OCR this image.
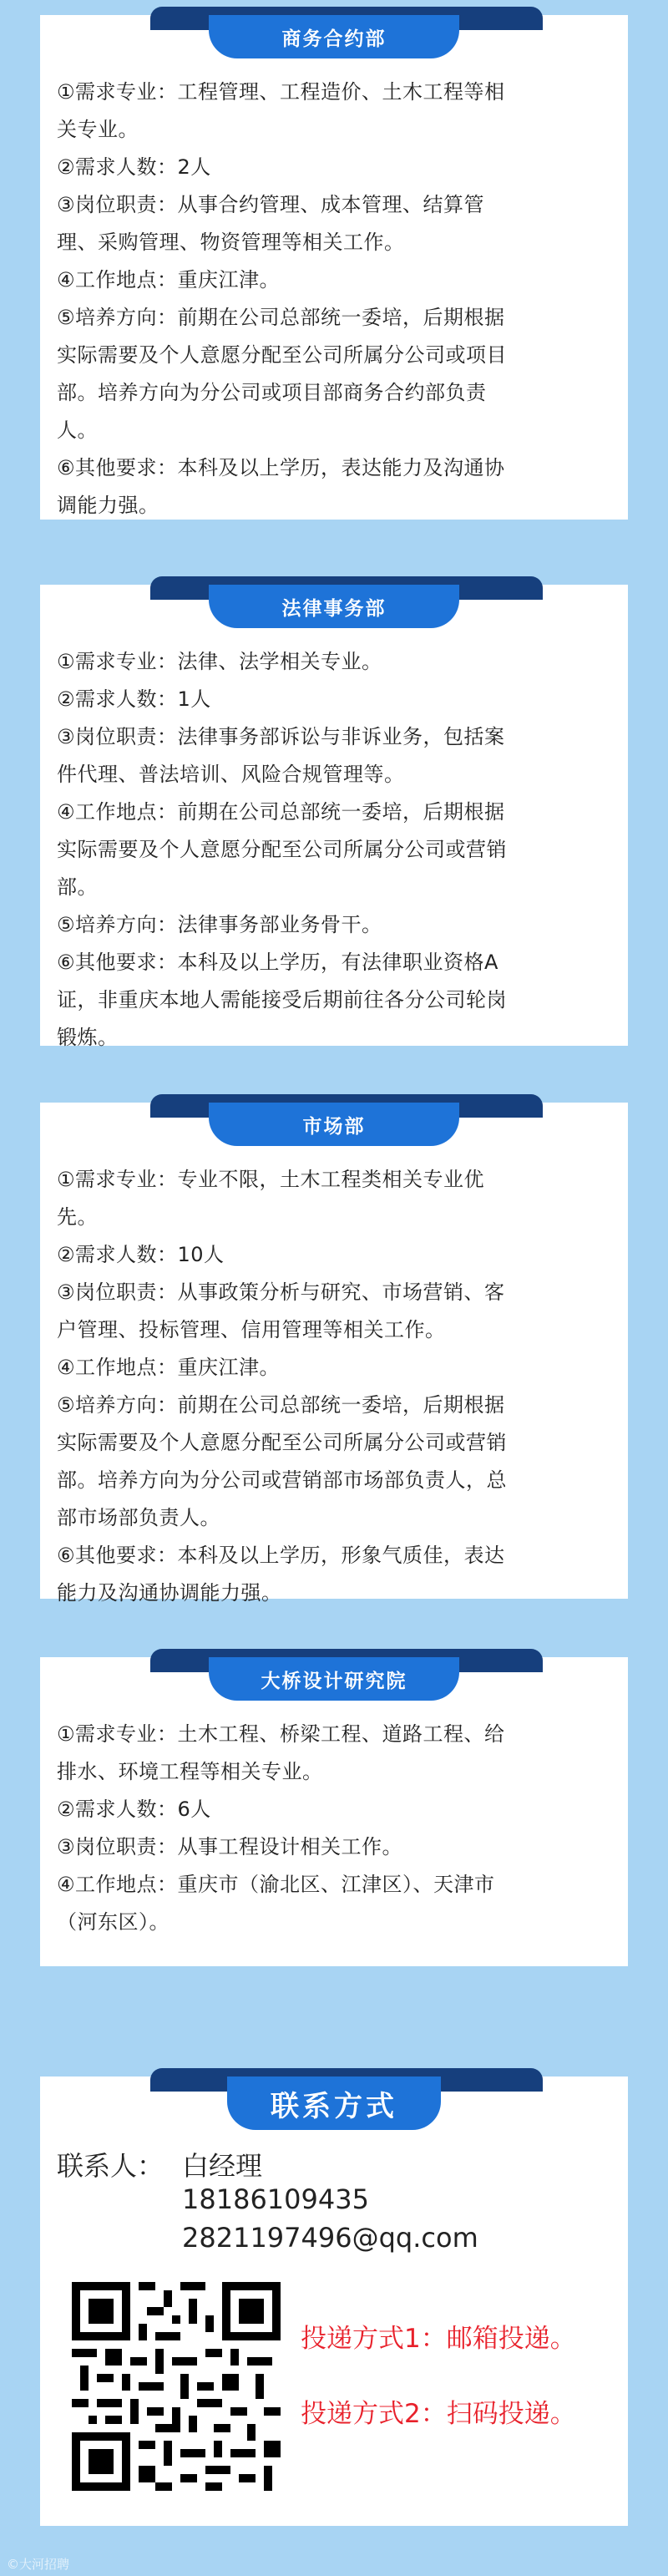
商务合约部

①需求专业：工程管理、工程造价、土木工程等相

关专业。

②需求人数：2人

③岗位职责：从事合约管理、成本管理、结算管

理、采购管理、物资管理等相关工作。

④工作地点：重庆江津。

⑤培养方向：前期在公司总部统一委培，后期根据

实际需要及个人意愿分配至公司所属分公司或项目

部。培养方向为分公司或项目部商务合约部负责

人。

⑥其他要求：本科及以上学历，表达能力及沟通协

调能力强。

法律事务部

①需求专业：法律、法学相关专业。

②需求人数：1人

③岗位职责：法律事务部诉讼与非诉业务，包括案

件代理、普法培训、风险合规管理等。

④工作地点：前期在公司总部统一委培，后期根据

实际需要及个人意愿分配至公司所属分公司或营销

部。

⑤培养方向：法律事务部业务骨干。

⑥其他要求：本科及以上学历，有法律职业资格A

证，非重庆本地人需能接受后期前往各分公司轮岗

锻炼。

市场部

①需求专业：专业不限，土木工程类相关专业优

先。

②需求人数：10人

③岗位职责：从事政策分析与研究、市场营销、客

户管理、投标管理、信用管理等相关工作。

④工作地点：重庆江津。

⑤培养方向：前期在公司总部统一委培，后期根据

实际需要及个人意愿分配至公司所属分公司或营销

部。培养方向为分公司或营销部市场部负责人，总

部市场部负责人。

⑥其他要求：本科及以上学历，形象气质佳，表达

能力及沟通协调能力强。

大桥设计研究院

①需求专业：土木工程、桥梁工程、道路工程、给

排水、环境工程等相关专业。

②需求人数：6人

③岗位职责：从事工程设计相关工作。

④工作地点：重庆市（渝北区、江津区）、天津市

（河东区）。

联系方式
联系人： 白经理
18186109435
2821197496@qq.com
投递方式1：邮箱投递。
投递方式2：扫码投递。
©大河招聘
